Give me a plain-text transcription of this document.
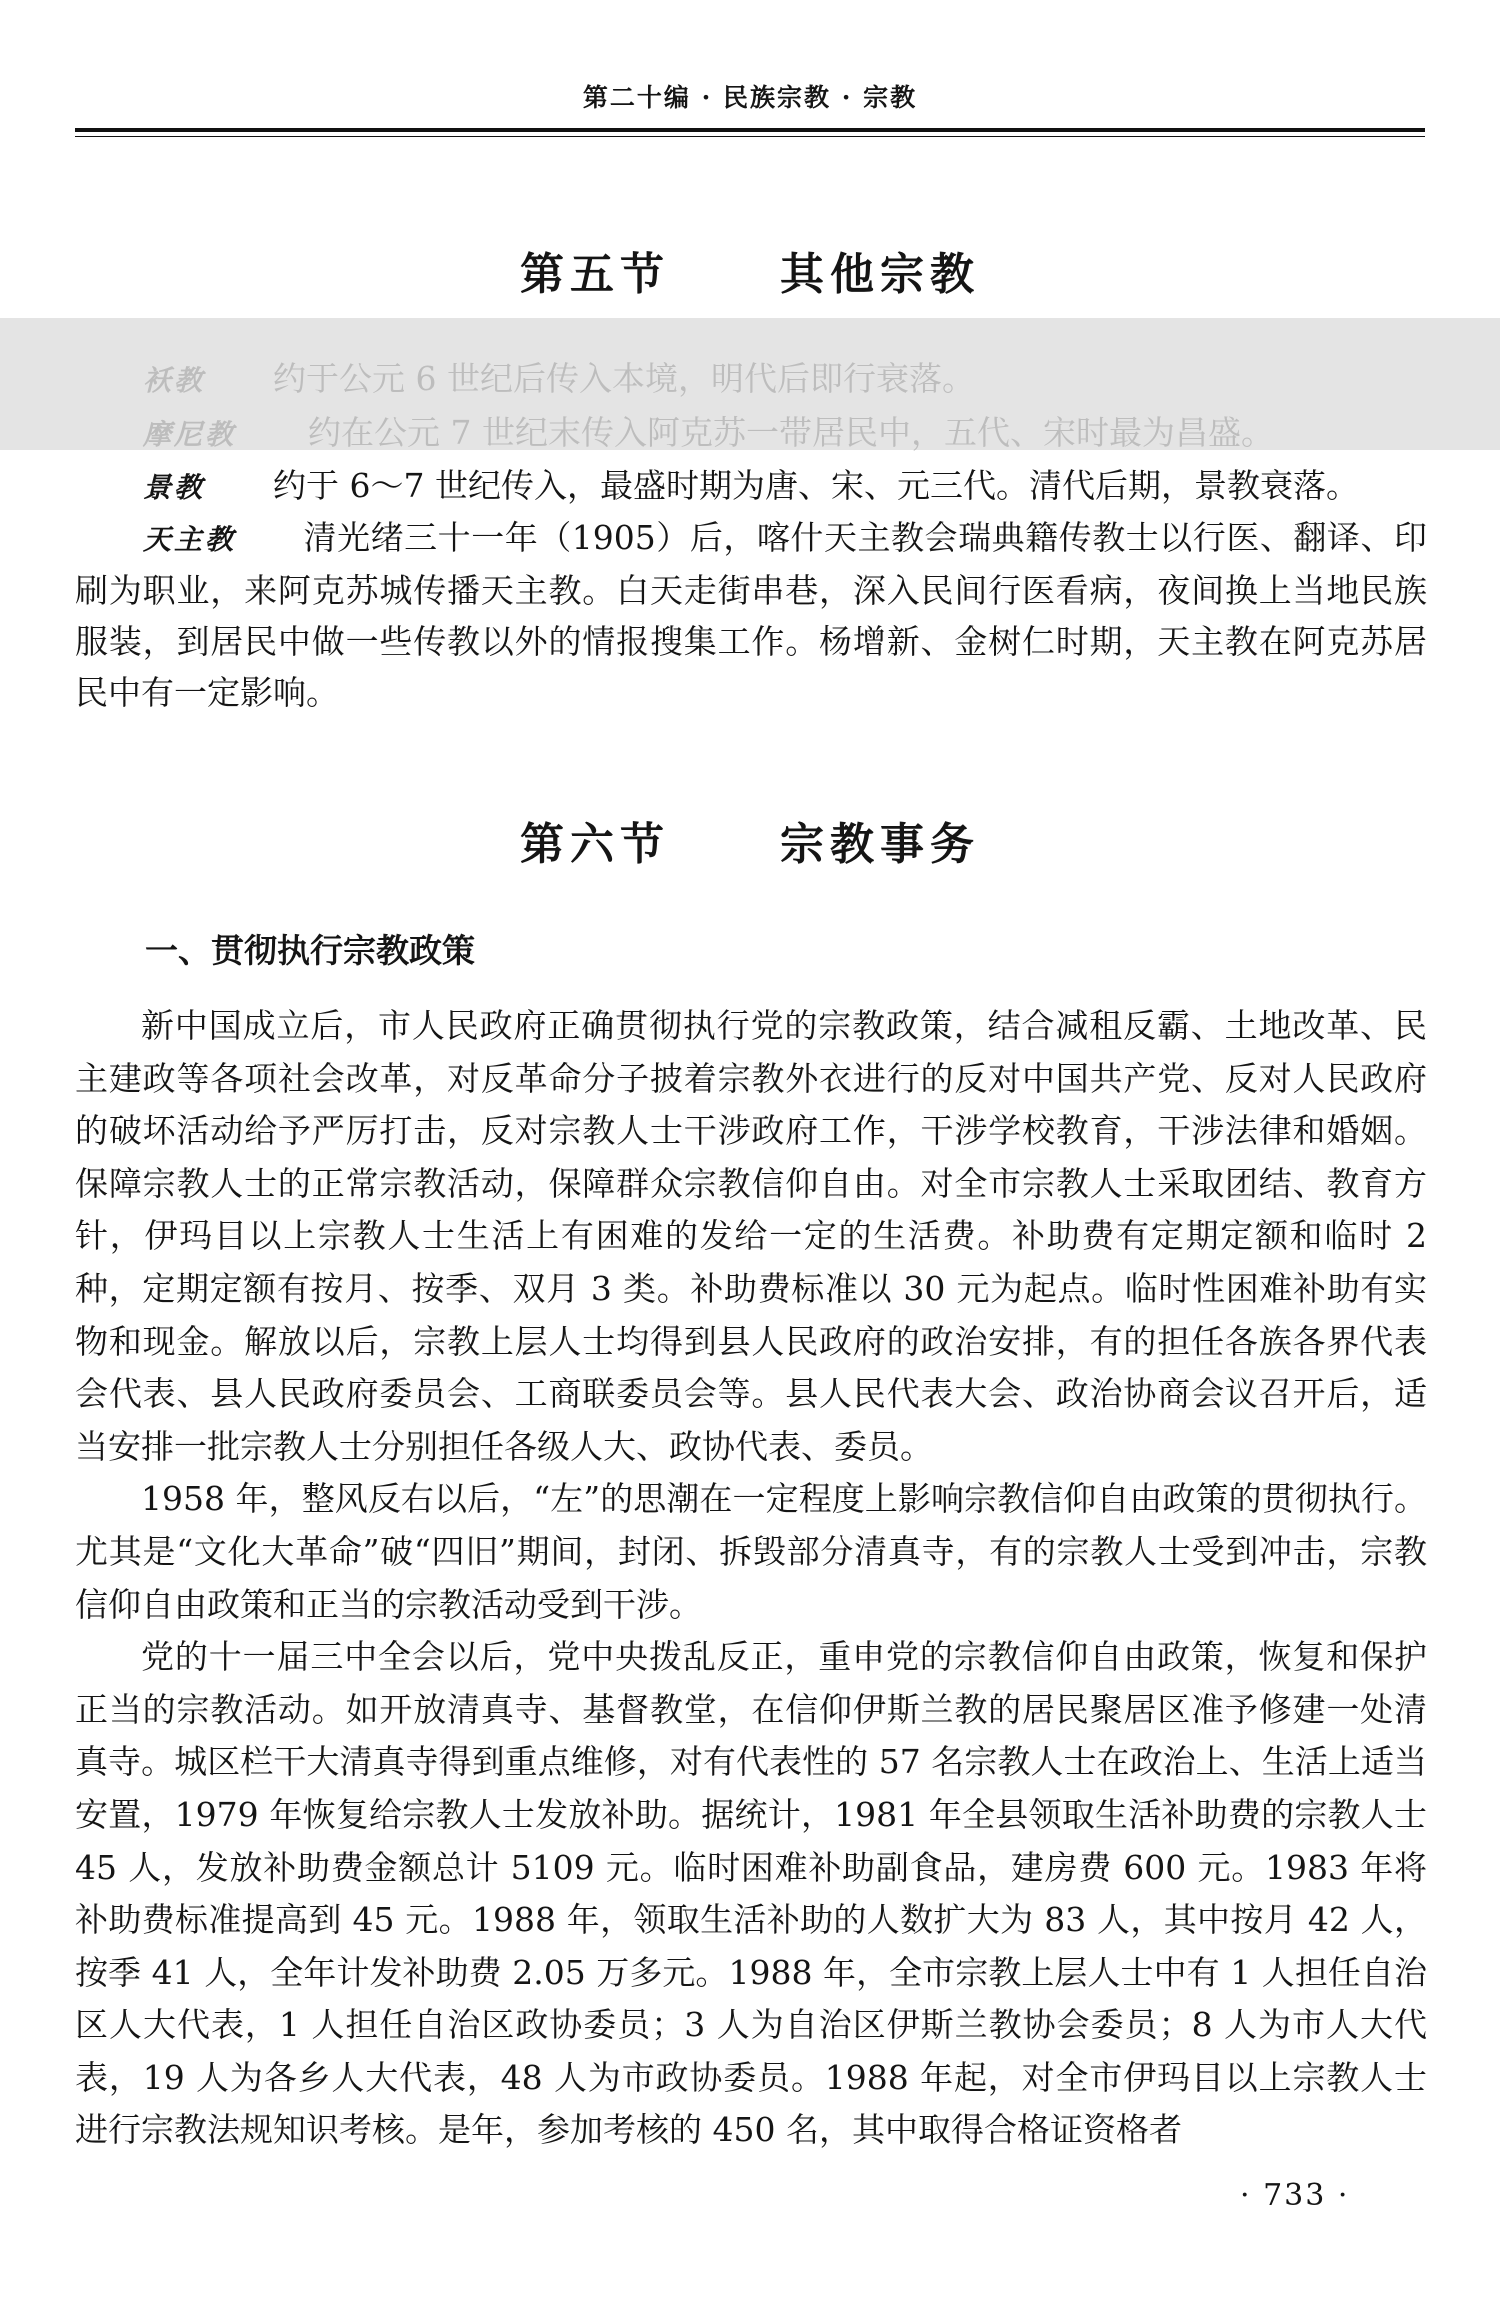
第二十编 · 民族宗教 · 宗教
第五节	其他宗教
袄教 约于公元 6 世纪后传入本境，明代后即行衰落。
摩尼教 约在公元 7 世纪末传入阿克苏一带居民中，五代、宋时最为昌盛。
景教 约于 6～7 世纪传入，最盛时期为唐、宋、元三代。清代后期，景教衰落。
天主教 清光绪三十一年（1905）后，喀什天主教会瑞典籍传教士以行医、翻译、印刷为职业，来阿克苏城传播天主教。白天走街串巷，深入民间行医看病，夜间换上当地民族服装，到居民中做一些传教以外的情报搜集工作。杨增新、金树仁时期，天主教在阿克苏居民中有一定影响。
第六节	宗教事务
一、贯彻执行宗教政策

新中国成立后，市人民政府正确贯彻执行党的宗教政策，结合减租反霸、土地改革、民主建政等各项社会改革，对反革命分子披着宗教外衣进行的反对中国共产党、反对人民政府的破坏活动给予严厉打击，反对宗教人士干涉政府工作，干涉学校教育，干涉法律和婚姻。保障宗教人士的正常宗教活动，保障群众宗教信仰自由。对全市宗教人士采取团结、教育方针，伊玛目以上宗教人士生活上有困难的发给一定的生活费。补助费有定期定额和临时 2 种，定期定额有按月、按季、双月 3 类。补助费标准以 30 元为起点。临时性困难补助有实物和现金。解放以后，宗教上层人士均得到县人民政府的政治安排，有的担任各族各界代表会代表、县人民政府委员会、工商联委员会等。县人民代表大会、政治协商会议召开后，适当安排一批宗教人士分别担任各级人大、政协代表、委员。

1958 年，整风反右以后，“左”的思潮在一定程度上影响宗教信仰自由政策的贯彻执行。尤其是“文化大革命”破“四旧”期间，封闭、拆毁部分清真寺，有的宗教人士受到冲击，宗教信仰自由政策和正当的宗教活动受到干涉。

党的十一届三中全会以后，党中央拨乱反正，重申党的宗教信仰自由政策，恢复和保护正当的宗教活动。如开放清真寺、基督教堂，在信仰伊斯兰教的居民聚居区准予修建一处清真寺。城区栏干大清真寺得到重点维修，对有代表性的 57 名宗教人士在政治上、生活上适当安置，1979 年恢复给宗教人士发放补助。据统计，1981 年全县领取生活补助费的宗教人士 45 人，发放补助费金额总计 5109 元。临时困难补助副食品，建房费 600 元。1983 年将补助费标准提高到 45 元。1988 年，领取生活补助的人数扩大为 83 人，其中按月 42 人，按季 41 人，全年计发补助费 2.05 万多元。1988 年，全市宗教上层人士中有 1 人担任自治区人大代表，1 人担任自治区政协委员；3 人为自治区伊斯兰教协会委员；8 人为市人大代表，19 人为各乡人大代表，48 人为市政协委员。1988 年起，对全市伊玛目以上宗教人士进行宗教法规知识考核。是年，参加考核的 450 名，其中取得合格证资格者

· 733 ·
